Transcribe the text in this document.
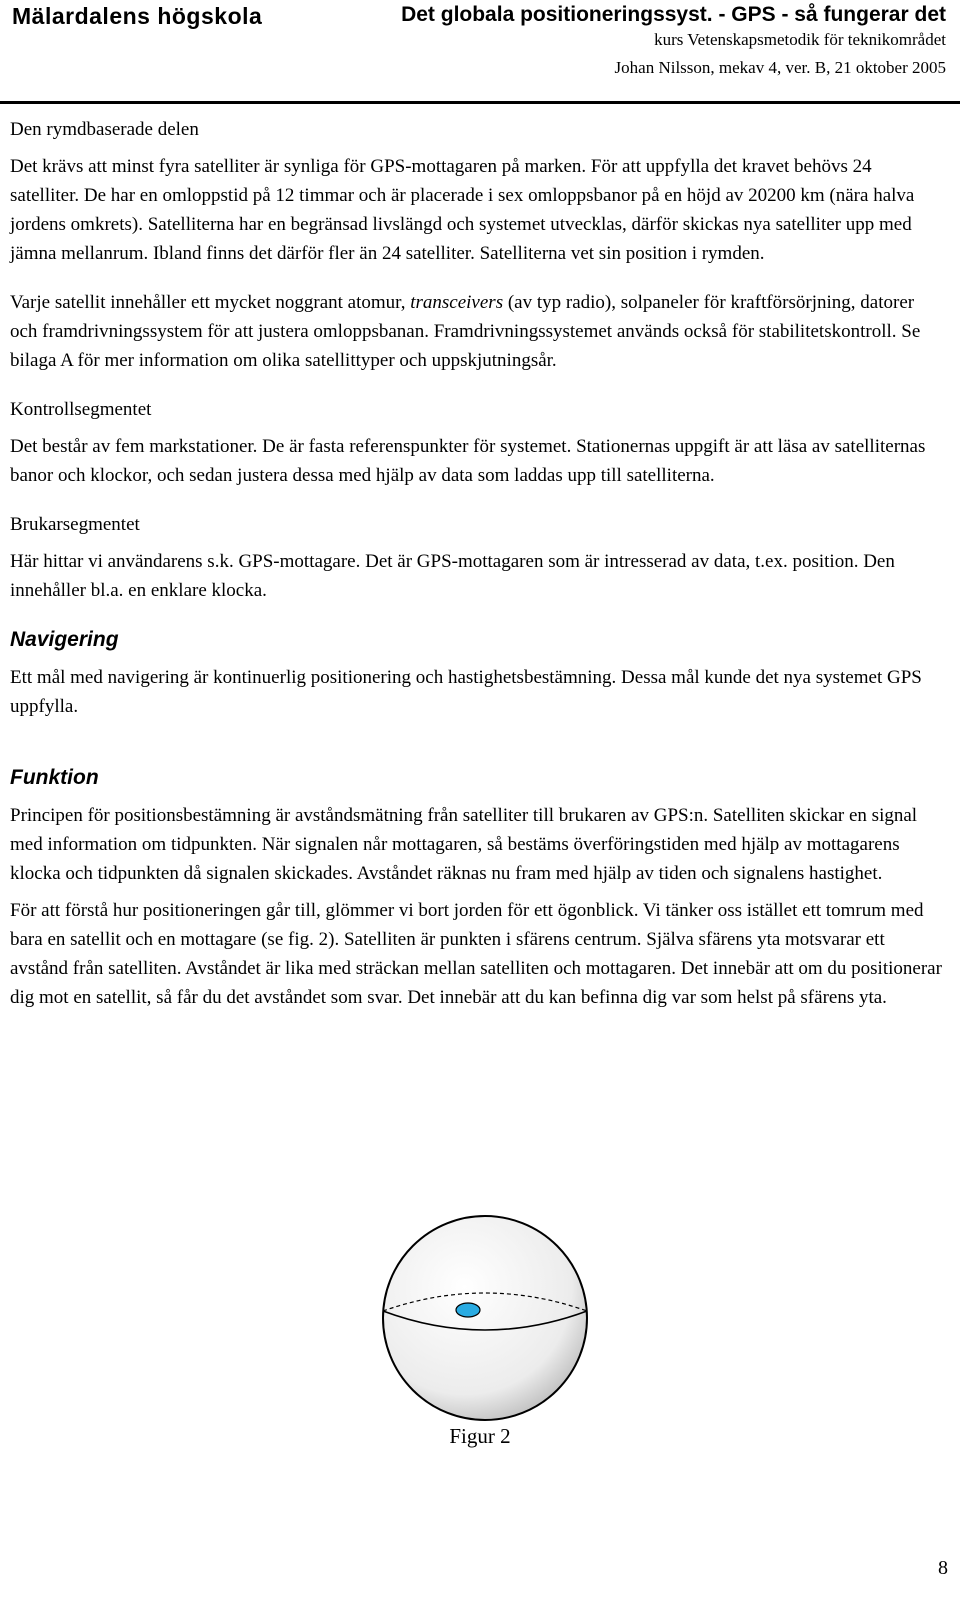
Mälardalens högskola	Det globala positioneringssyst. - GPS - så fungerar det
kurs Vetenskapsmetodik för teknikområdet
Johan Nilsson, mekav 4, ver. B, 21 oktober 2005
Den rymdbaserade delen

Det krävs att minst fyra satelliter är synliga för GPS-mottagaren på marken. För att uppfylla det kravet behövs 24 satelliter. De har en omloppstid på 12 timmar och är placerade i sex omloppsbanor på en höjd av 20200 km (nära halva jordens omkrets). Satelliterna har en begränsad livslängd och systemet utvecklas, därför skickas nya satelliter upp med jämna mellanrum. Ibland finns det därför fler än 24 satelliter. Satelliterna vet sin position i rymden.

Varje satellit innehåller ett mycket noggrant atomur, transceivers (av typ radio), solpaneler för kraftförsörjning, datorer och framdrivningssystem för att justera omloppsbanan. Framdrivningssystemet används också för stabilitetskontroll. Se bilaga A för mer information om olika satellittyper och uppskjutningsår.

Kontrollsegmentet

Det består av fem markstationer. De är fasta referenspunkter för systemet. Stationernas uppgift är att läsa av satelliternas banor och klockor, och sedan justera dessa med hjälp av data som laddas upp till satelliterna.

Brukarsegmentet

Här hittar vi användarens s.k. GPS-mottagare. Det är GPS-mottagaren som är intresserad av data, t.ex. position. Den innehåller bl.a. en enklare klocka.

Navigering

Ett mål med navigering är kontinuerlig positionering och hastighetsbestämning. Dessa mål kunde det nya systemet GPS uppfylla.

Funktion

Principen för positionsbestämning är avståndsmätning från satelliter till brukaren av GPS:n. Satelliten skickar en signal med information om tidpunkten. När signalen når mottagaren, så bestäms överföringstiden med hjälp av mottagarens klocka och tidpunkten då signalen skickades. Avståndet räknas nu fram med hjälp av tiden och signalens hastighet.

För att förstå hur positioneringen går till, glömmer vi bort jorden för ett ögonblick. Vi tänker oss istället ett tomrum med bara en satellit och en mottagare (se fig. 2). Satelliten är punkten i sfärens centrum. Själva sfärens yta motsvarar ett avstånd från satelliten. Avståndet är lika med sträckan mellan satelliten och mottagaren. Det innebär att om du positionerar dig mot en satellit, så får du det avståndet som svar. Det innebär att du kan befinna dig var som helst på sfärens yta.

Figur 2
8
